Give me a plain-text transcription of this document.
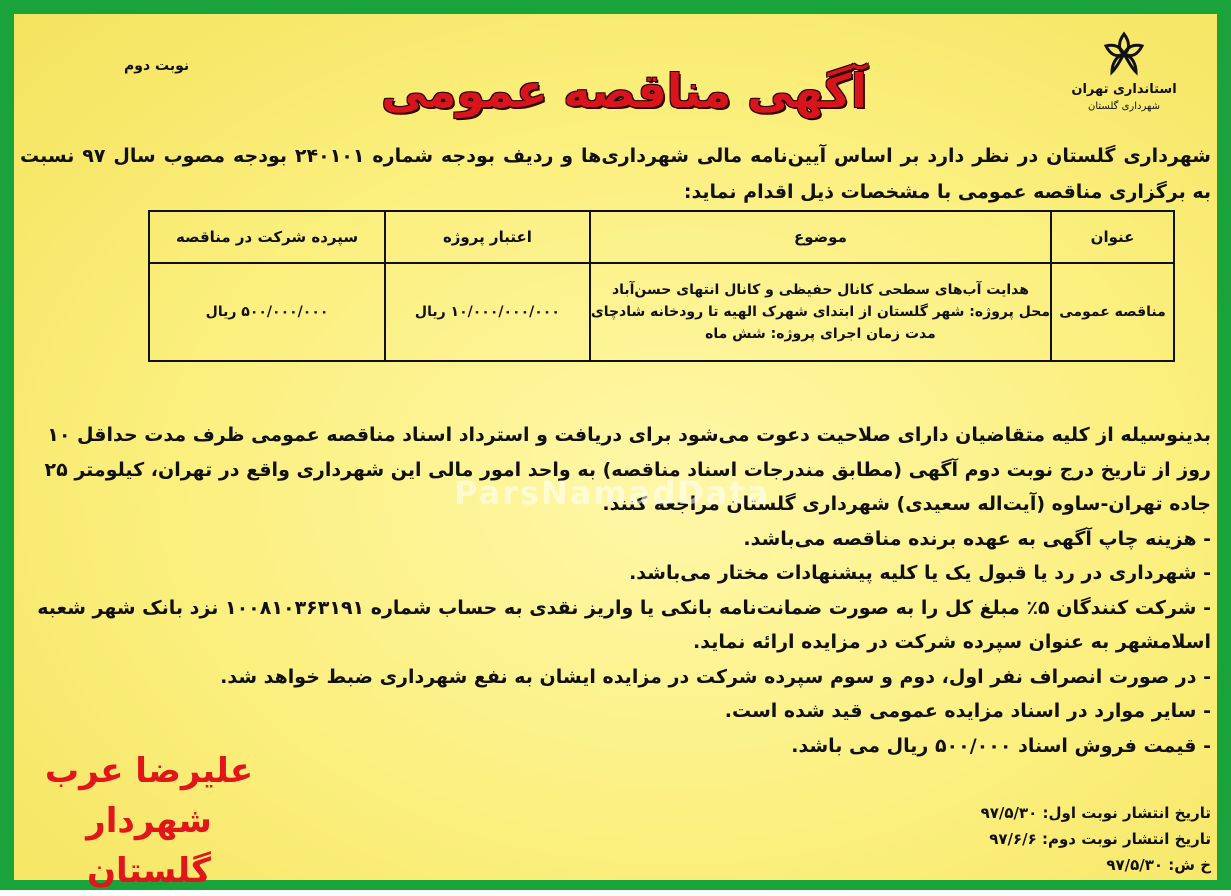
استانداری تهران
شهرداری گلستان
نوبت دوم	آگهی مناقصه عمومی
شهرداری گلستان در نظر دارد بر اساس آیین‌نامه مالی شهرداری‌ها و ردیف بودجه شماره ۲۴۰۱۰۱ بودجه مصوب سال ۹۷ نسبت به برگزاری مناقصه عمومی با مشخصات ذیل اقدام نماید:
عنوان	موضوع	اعتبار پروژه	سپرده شرکت در مناقصه
مناقصه عمومی	هدایت آب‌های سطحی کانال حفیظی و کانال انتهای حسن‌آباد
محل پروژه: شهر گلستان از ابتدای شهرک الهیه تا رودخانه شادچای
مدت زمان اجرای پروژه: شش ماه	۱۰/۰۰۰/۰۰۰/۰۰۰ ریال	۵۰۰/۰۰۰/۰۰۰ ریال

بدینوسیله از کلیه متقاضیان دارای صلاحیت دعوت می‌شود برای دریافت و استرداد اسناد مناقصه عمومی ظرف مدت حداقل ۱۰ روز از تاریخ درج نوبت دوم آگهی (مطابق مندرجات اسناد مناقصه) به واحد امور مالی این شهرداری واقع در تهران، کیلومتر ۲۵ جاده تهران-ساوه (آیت‌اله سعیدی) شهرداری گلستان مراجعه کنند.

- هزینه چاپ آگهی به عهده برنده مناقصه می‌باشد.

- شهرداری در رد یا قبول یک یا کلیه پیشنهادات مختار می‌باشد.

- شرکت کنندگان ۵٪ مبلغ کل را به صورت ضمانت‌نامه بانکی یا واریز نقدی به حساب شماره ۱۰۰۸۱۰۳۶۳۱۹۱ نزد بانک شهر شعبه اسلامشهر به عنوان سپرده شرکت در مزایده ارائه نماید.

- در صورت انصراف نفر اول، دوم و سوم سپرده شرکت در مزایده ایشان به نفع شهرداری ضبط خواهد شد.

- سایر موارد در اسناد مزایده عمومی قید شده است.

- قیمت فروش اسناد ۵۰۰/۰۰۰ ریال می باشد.

تاریخ انتشار نوبت اول: ۹۷/۵/۳۰
تاریخ انتشار نوبت دوم: ۹۷/۶/۶
خ ش: ۹۷/۵/۳۰
علیرضا عرب
شهردار گلستان
ParsNamadData
